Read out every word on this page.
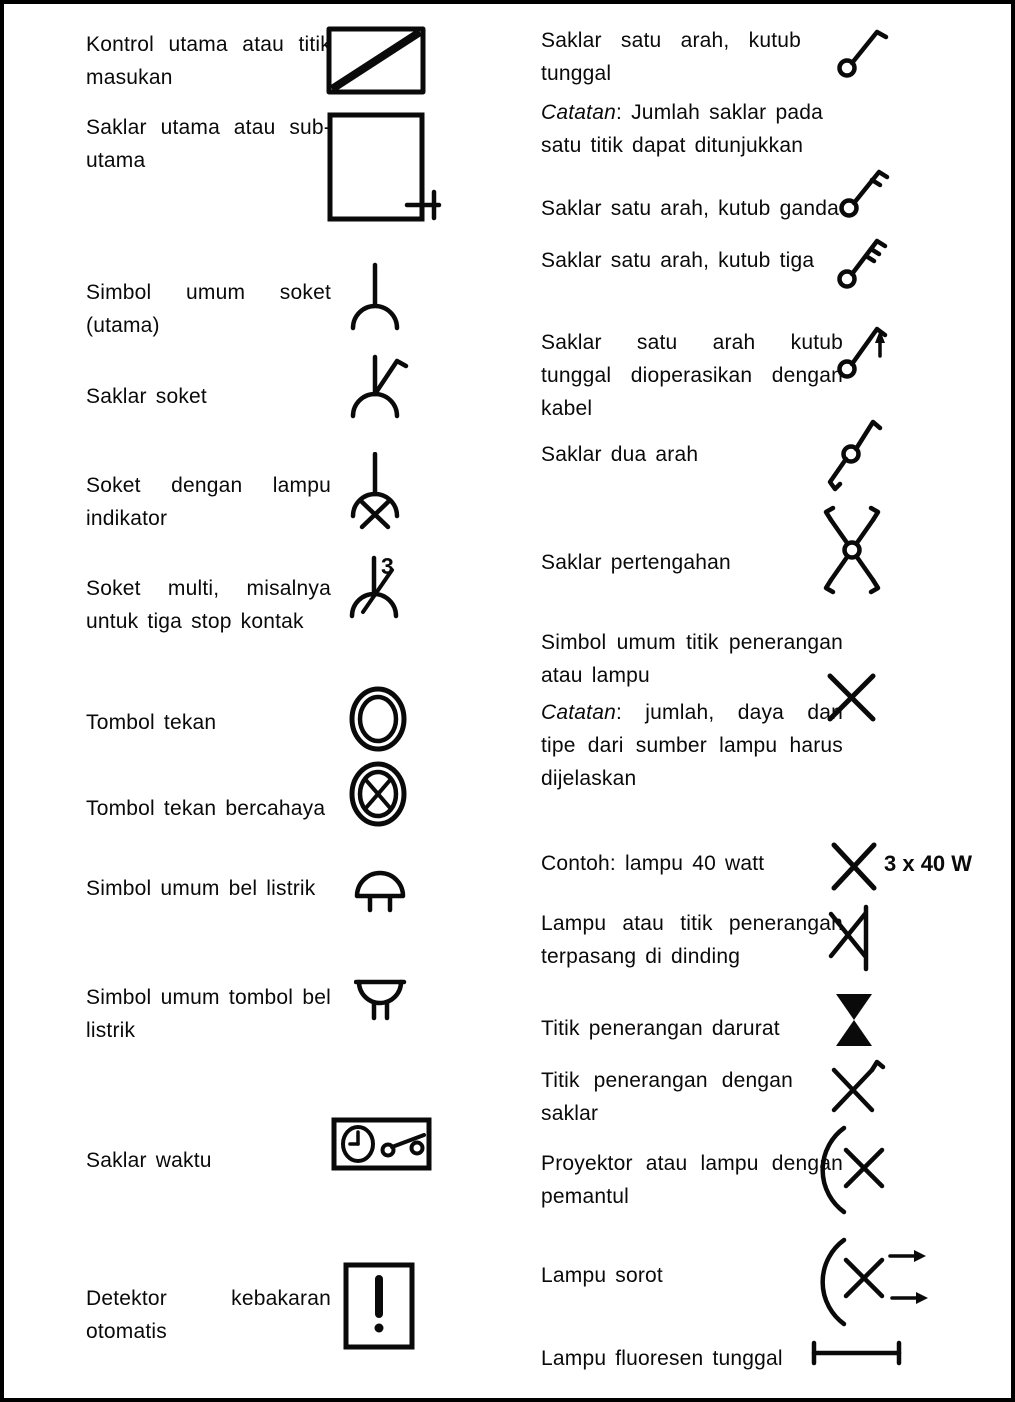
Kontrol utama atau titik masukan
Saklar utama atau sub-utama
Simbol umum soket (utama)
Saklar soket
Soket dengan lampu indikator
Soket multi, misalnya untuk tiga stop kontak
Tombol tekan
Tombol tekan bercahaya
Simbol umum bel listrik
Simbol umum tombol bel listrik
Saklar waktu
Detektor kebakaran otomatis
3
Saklar satu arah, kutub tunggal
Catatan: Jumlah saklar pada satu titik dapat ditunjukkan
Saklar satu arah, kutub ganda
Saklar satu arah, kutub tiga
Saklar satu arah kutub tunggal dioperasikan dengan kabel
Saklar dua arah
Saklar pertengahan
Simbol umum titik penerangan atau lampu
Catatan: jumlah, daya dan tipe dari sumber lampu harus dijelaskan
Contoh: lampu 40 watt
Lampu atau titik penerangan terpasang di dinding
Titik penerangan darurat
Titik penerangan dengan saklar
Proyektor atau lampu dengan pemantul
Lampu sorot
Lampu fluoresen tunggal
3 x 40 W
